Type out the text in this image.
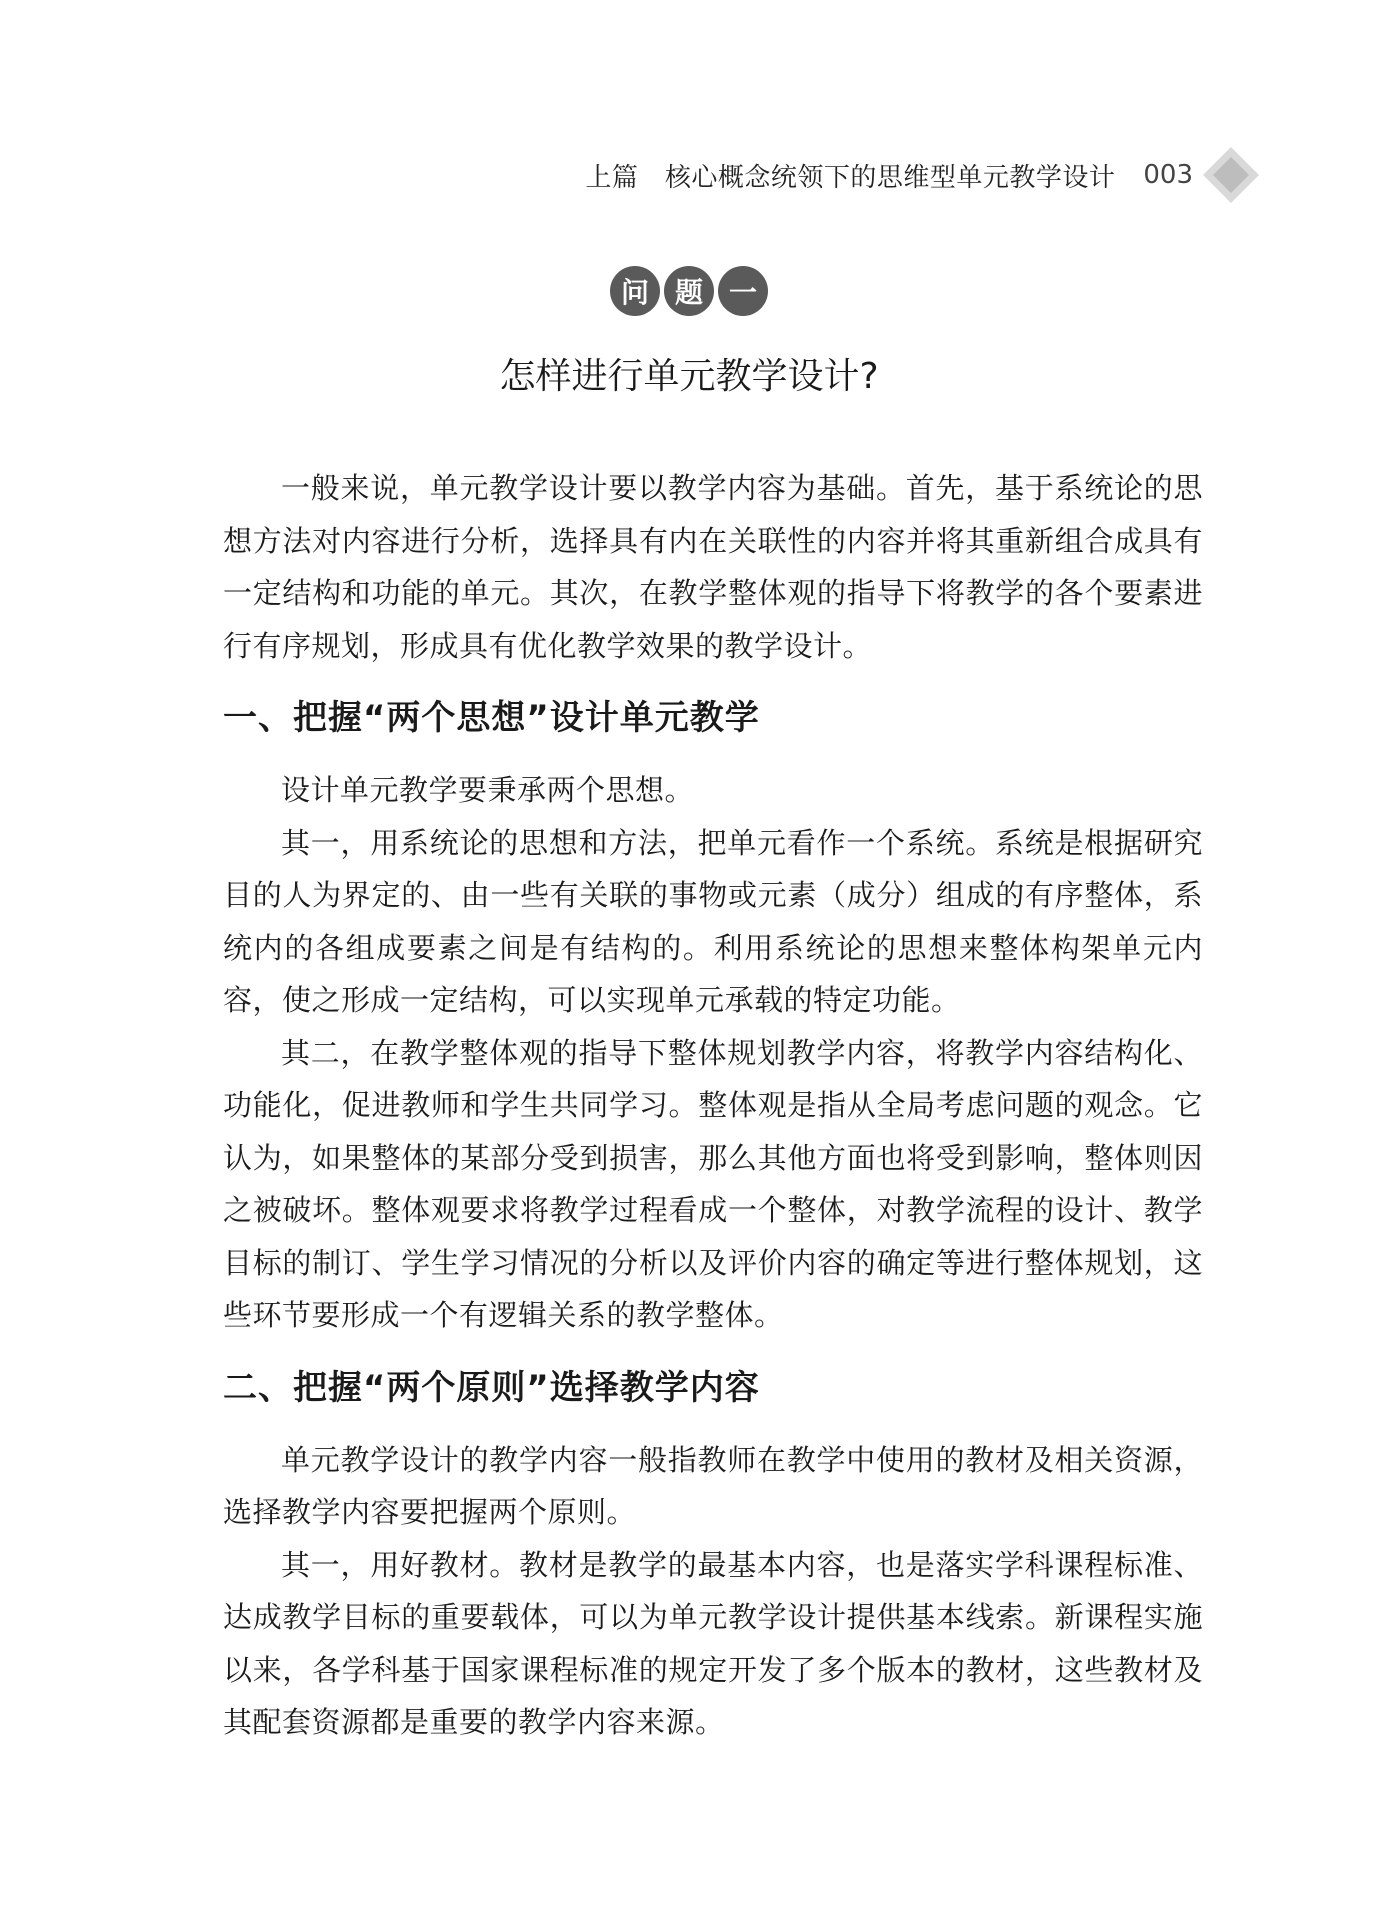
上篇　核心概念统领下的思维型单元教学设计 003
问 题 一
怎样进行单元教学设计?

一般来说，单元教学设计要以教学内容为基础。首先，基于系统论的思想方法对内容进行分析，选择具有内在关联性的内容并将其重新组合成具有一定结构和功能的单元。其次，在教学整体观的指导下将教学的各个要素进行有序规划，形成具有优化教学效果的教学设计。

一、把握“两个思想”设计单元教学

设计单元教学要秉承两个思想。

其一，用系统论的思想和方法，把单元看作一个系统。系统是根据研究目的人为界定的、由一些有关联的事物或元素（成分）组成的有序整体，系统内的各组成要素之间是有结构的。利用系统论的思想来整体构架单元内容，使之形成一定结构，可以实现单元承载的特定功能。

其二，在教学整体观的指导下整体规划教学内容，将教学内容结构化、功能化，促进教师和学生共同学习。整体观是指从全局考虑问题的观念。它认为，如果整体的某部分受到损害，那么其他方面也将受到影响，整体则因之被破坏。整体观要求将教学过程看成一个整体，对教学流程的设计、教学目标的制订、学生学习情况的分析以及评价内容的确定等进行整体规划，这些环节要形成一个有逻辑关系的教学整体。

二、把握“两个原则”选择教学内容

单元教学设计的教学内容一般指教师在教学中使用的教材及相关资源，选择教学内容要把握两个原则。

其一，用好教材。教材是教学的最基本内容，也是落实学科课程标准、达成教学目标的重要载体，可以为单元教学设计提供基本线索。新课程实施以来，各学科基于国家课程标准的规定开发了多个版本的教材，这些教材及其配套资源都是重要的教学内容来源。
